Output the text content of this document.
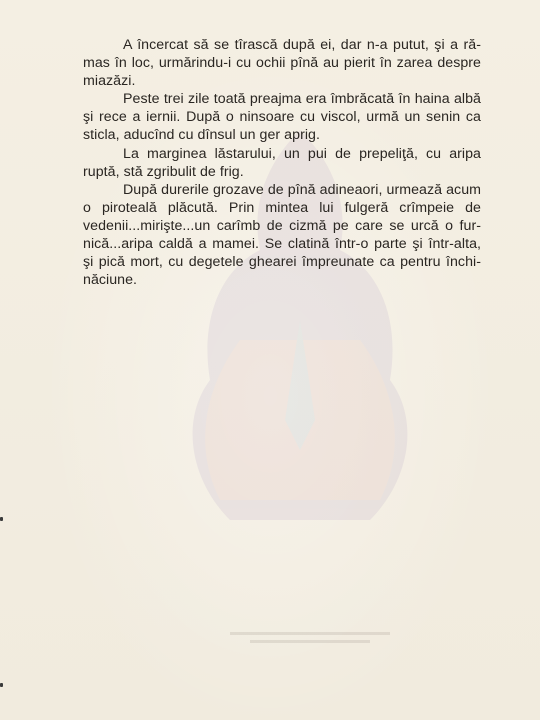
A încercat să se tîrască după ei, dar n-a putut, şi a ră-
mas în loc, urmărindu-i cu ochii pînă au pierit în zarea despre
miazăzi.

Peste trei zile toată preajma era îmbrăcată în haina albă
şi rece a iernii. După o ninsoare cu viscol, urmă un senin ca
sticla, aducînd cu dînsul un ger aprig.

La marginea lăstarului, un pui de prepeliţă, cu aripa
ruptă, stă zgribulit de frig.

După durerile grozave de pînă adineaori, urmează acum
o piroteală plăcută. Prin mintea lui fulgeră crîmpeie de
vedenii...mirişte...un carîmb de cizmă pe care se urcă o fur-
nică...aripa caldă a mamei. Se clatină într-o parte şi într-alta,
şi pică mort, cu degetele ghearei împreunate ca pentru închi-
năciune.
